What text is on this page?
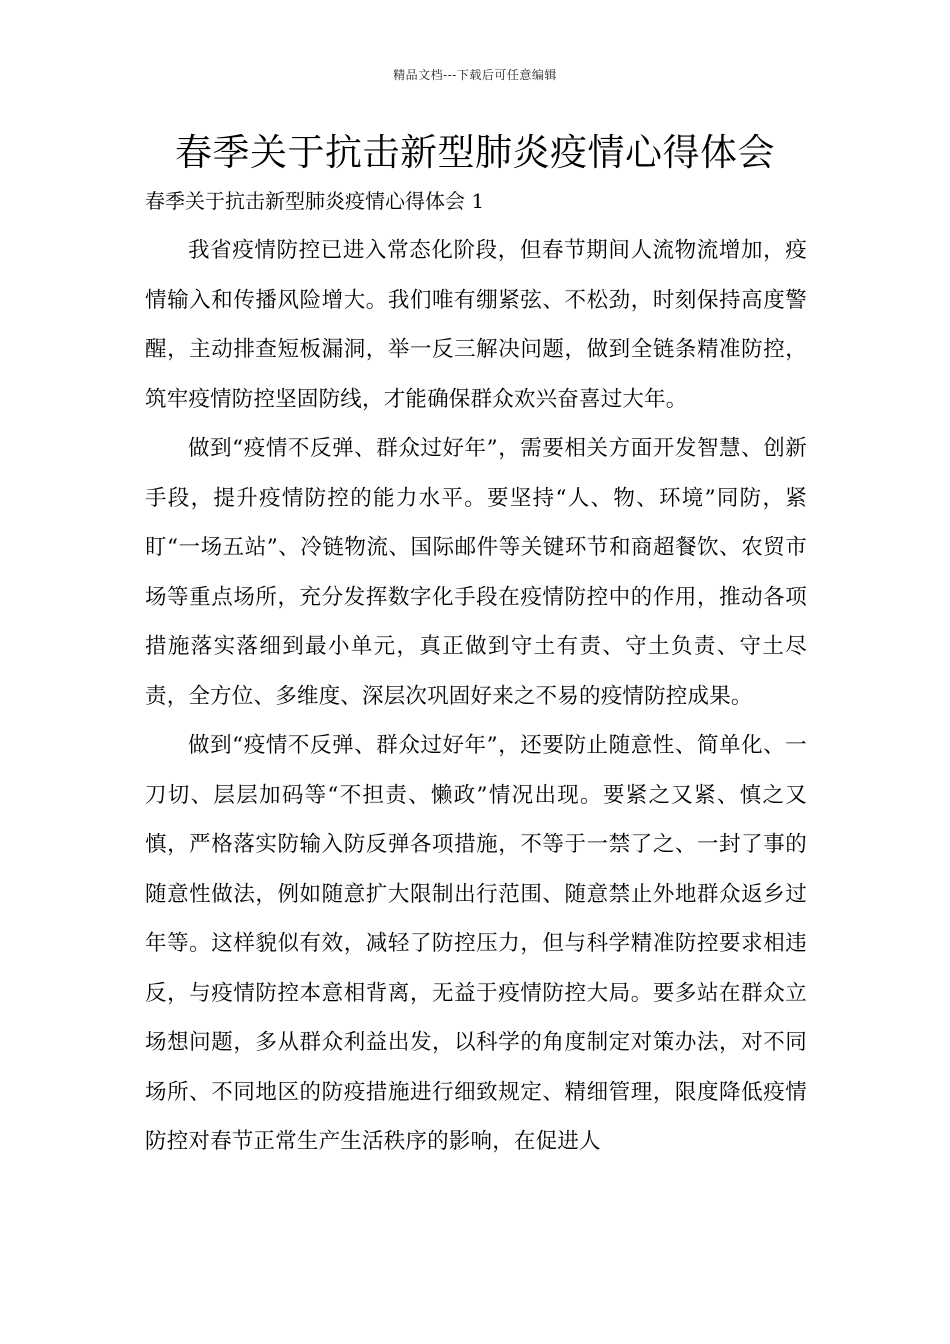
精品文档---下载后可任意编辑
春季关于抗击新型肺炎疫情心得体会
春季关于抗击新型肺炎疫情心得体会 1

我省疫情防控已进入常态化阶段，但春节期间人流物流增加，疫情输入和传播风险增大。我们唯有绷紧弦、不松劲，时刻保持高度警醒，主动排查短板漏洞，举一反三解决问题，做到全链条精准防控，筑牢疫情防控坚固防线，才能确保群众欢兴奋喜过大年。

做到“疫情不反弹、群众过好年”，需要相关方面开发智慧、创新手段，提升疫情防控的能力水平。要坚持“人、物、环境”同防，紧盯“一场五站”、冷链物流、国际邮件等关键环节和商超餐饮、农贸市场等重点场所，充分发挥数字化手段在疫情防控中的作用，推动各项措施落实落细到最小单元，真正做到守土有责、守土负责、守土尽责，全方位、多维度、深层次巩固好来之不易的疫情防控成果。

做到“疫情不反弹、群众过好年”，还要防止随意性、简单化、一刀切、层层加码等“不担责、懒政”情况出现。要紧之又紧、慎之又慎，严格落实防输入防反弹各项措施，不等于一禁了之、一封了事的随意性做法，例如随意扩大限制出行范围、随意禁止外地群众返乡过年等。这样貌似有效，减轻了防控压力，但与科学精准防控要求相违反，与疫情防控本意相背离，无益于疫情防控大局。要多站在群众立场想问题，多从群众利益出发，以科学的角度制定对策办法，对不同场所、不同地区的防疫措施进行细致规定、精细管理，限度降低疫情防控对春节正常生产生活秩序的影响，在促进人
